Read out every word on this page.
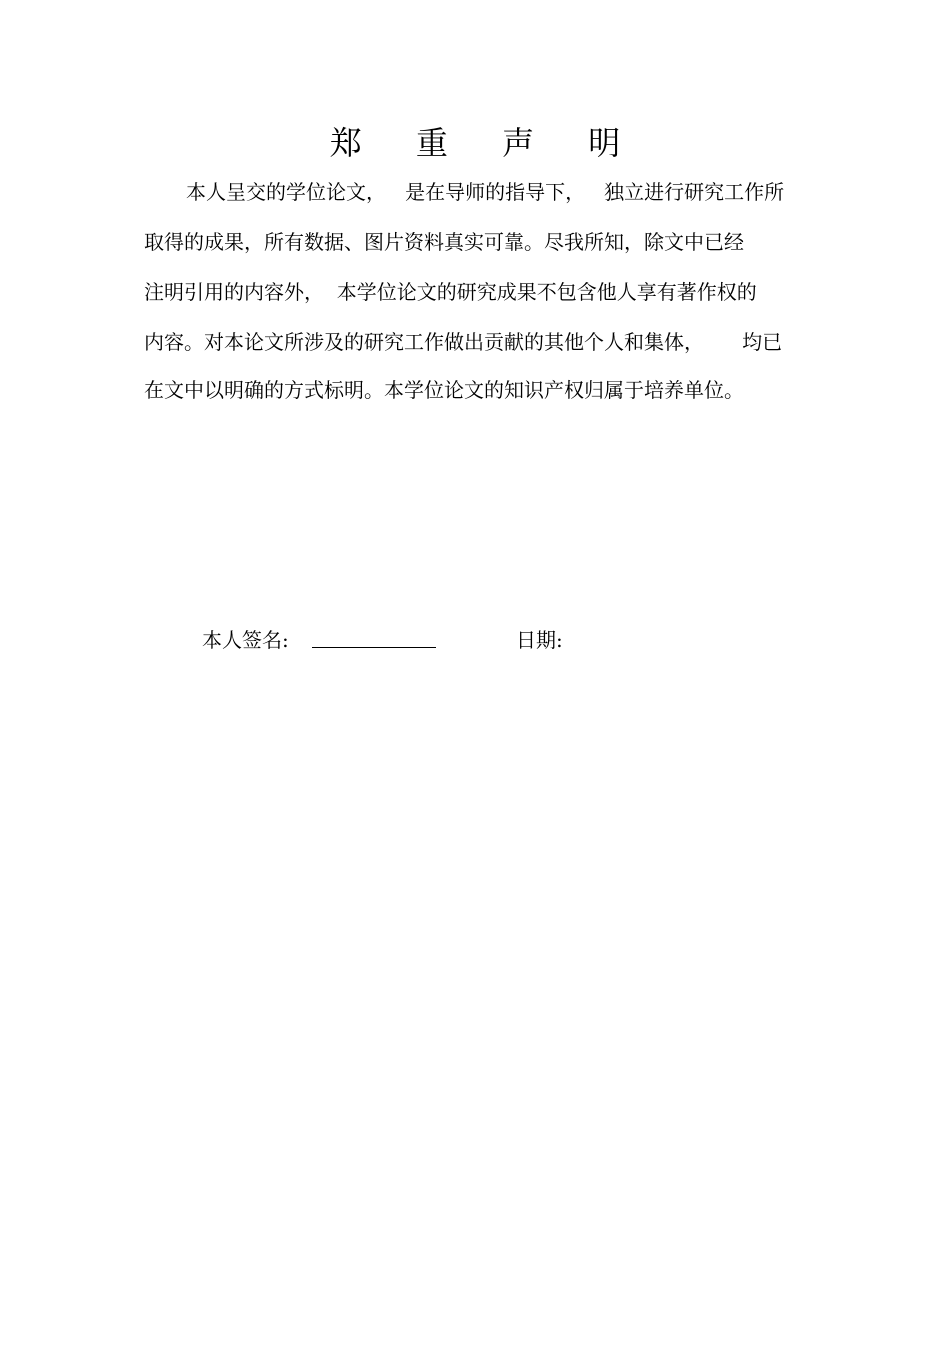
郑 重 声 明
本人呈交的学位论文，   是在导师的指导下，   独立进行研究工作所
取得的成果，所有数据、图片资料真实可靠。尽我所知，除文中已经
注明引用的内容外，  本学位论文的研究成果不包含他人享有著作权的
内容。对本论文所涉及的研究工作做出贡献的其他个人和集体，      均已
在文中以明确的方式标明。本学位论文的知识产权归属于培养单位。
本人签名:	日期:
